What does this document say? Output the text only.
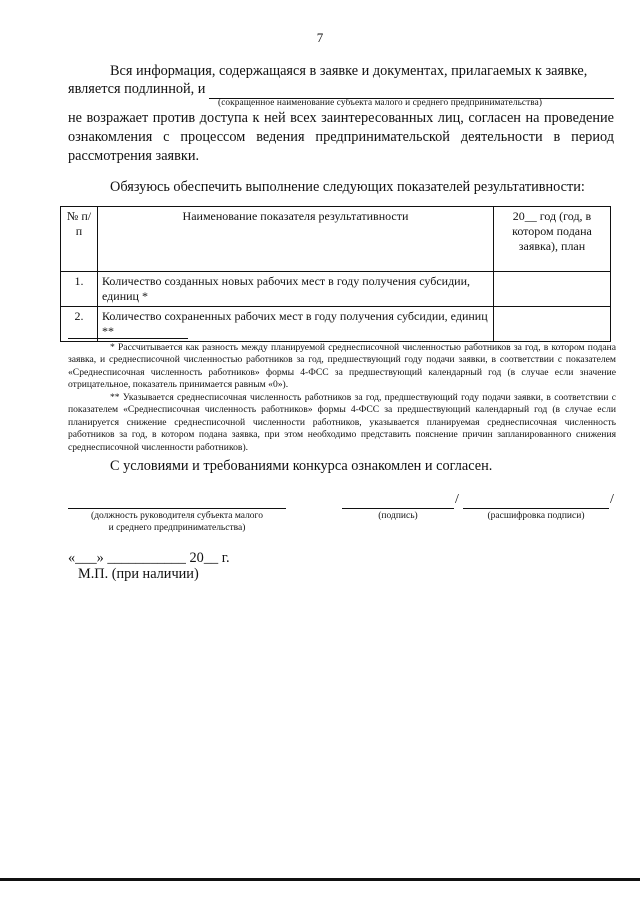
7
Вся информация, содержащаяся в заявке и документах, прилагаемых к заявке,
является подлинной, и
(сокращенное наименование субъекта малого и среднего предпринимательства)
не возражает против доступа к ней всех заинтересованных лиц, согласен на проведение ознакомления с процессом ведения предпринимательской деятельности в период рассмотрения заявки.
Обязуюсь обеспечить выполнение следующих показателей результативности:
№ п/п	Наименование показателя результативности	20__ год (год, в котором подана заявка), план
1.	Количество созданных новых рабочих мест в году получения субсидии, единиц *	
2.	Количество сохраненных рабочих мест в году получения субсидии, единиц **	
* Рассчитывается как разность между планируемой среднесписочной численностью работников за год, в котором подана заявка, и среднесписочной численностью работников за год, предшествующий году подачи заявки, в соответствии с показателем «Среднесписочная численность работников» формы 4-ФСС за предшествующий календарный год (в случае если значение отрицательное, показатель принимается равным «0»).
** Указывается среднесписочная численность работников за год, предшествующий году подачи заявки, в соответствии с показателем «Среднесписочная численность работников» формы 4-ФСС за предшествующий календарный год (в случае если планируется снижение среднесписочной численности работников, указывается планируемая среднесписочная численность работников за год, в котором подана заявка, при этом необходимо представить пояснение причин запланированного снижения среднесписочной численности работников).
С условиями и требованиями конкурса ознакомлен и согласен.
/	/
(должность руководителя субъекта малого
и среднего предпринимательства)
(подпись)	(расшифровка подписи)
«___» ___________ 20__ г.
М.П. (при наличии)
